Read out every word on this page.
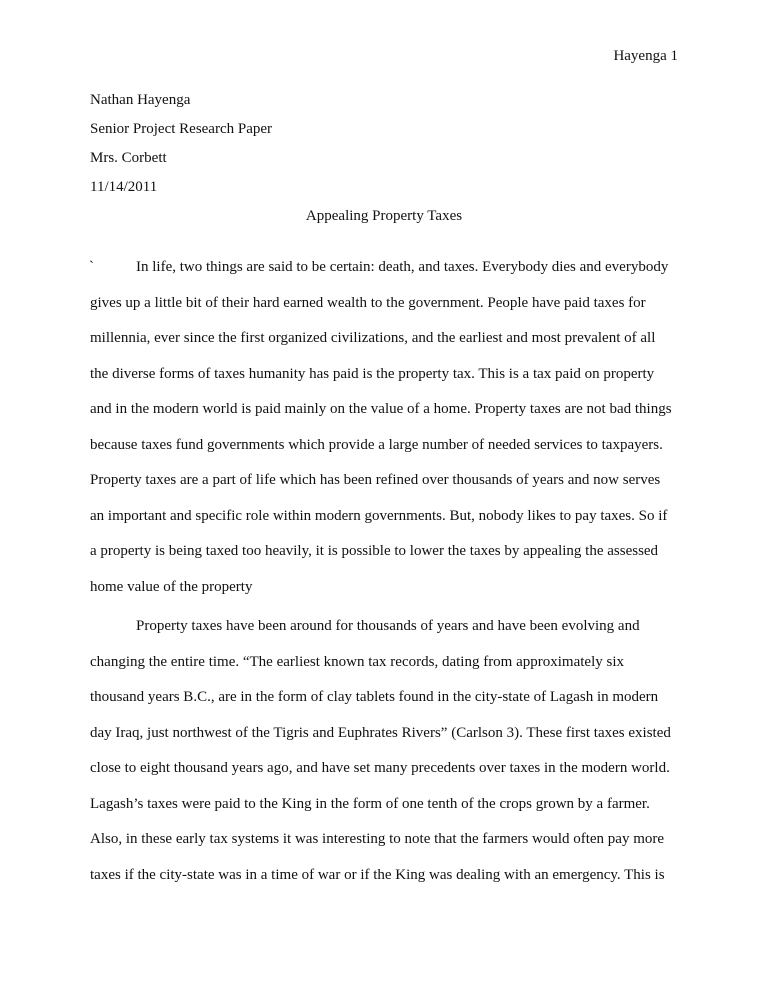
Hayenga 1
Nathan Hayenga
Senior Project Research Paper
Mrs. Corbett
11/14/2011
Appealing Property Taxes
`	In life, two things are said to be certain: death, and taxes. Everybody dies and everybody
gives up a little bit of their hard earned wealth to the government. People have paid taxes for
millennia, ever since the first organized civilizations, and the earliest and most prevalent of all
the diverse forms of taxes humanity has paid is the property tax. This is a tax paid on property
and in the modern world is paid mainly on the value of a home. Property taxes are not bad things
because taxes fund governments which provide a large number of needed services to taxpayers.
Property taxes are a part of life which has been refined over thousands of years and now serves
an important and specific role within modern governments. But, nobody likes to pay taxes. So if
a property is being taxed too heavily, it is possible to lower the taxes by appealing the assessed
home value of the property
Property taxes have been around for thousands of years and have been evolving and
changing the entire time. “The earliest known tax records, dating from approximately six
thousand years B.C., are in the form of clay tablets found in the city-state of Lagash in modern
day Iraq, just northwest of the Tigris and Euphrates Rivers” (Carlson 3). These first taxes existed
close to eight thousand years ago, and have set many precedents over taxes in the modern world.
Lagash’s taxes were paid to the King in the form of one tenth of the crops grown by a farmer.
Also, in these early tax systems it was interesting to note that the farmers would often pay more
taxes if the city-state was in a time of war or if the King was dealing with an emergency. This is
